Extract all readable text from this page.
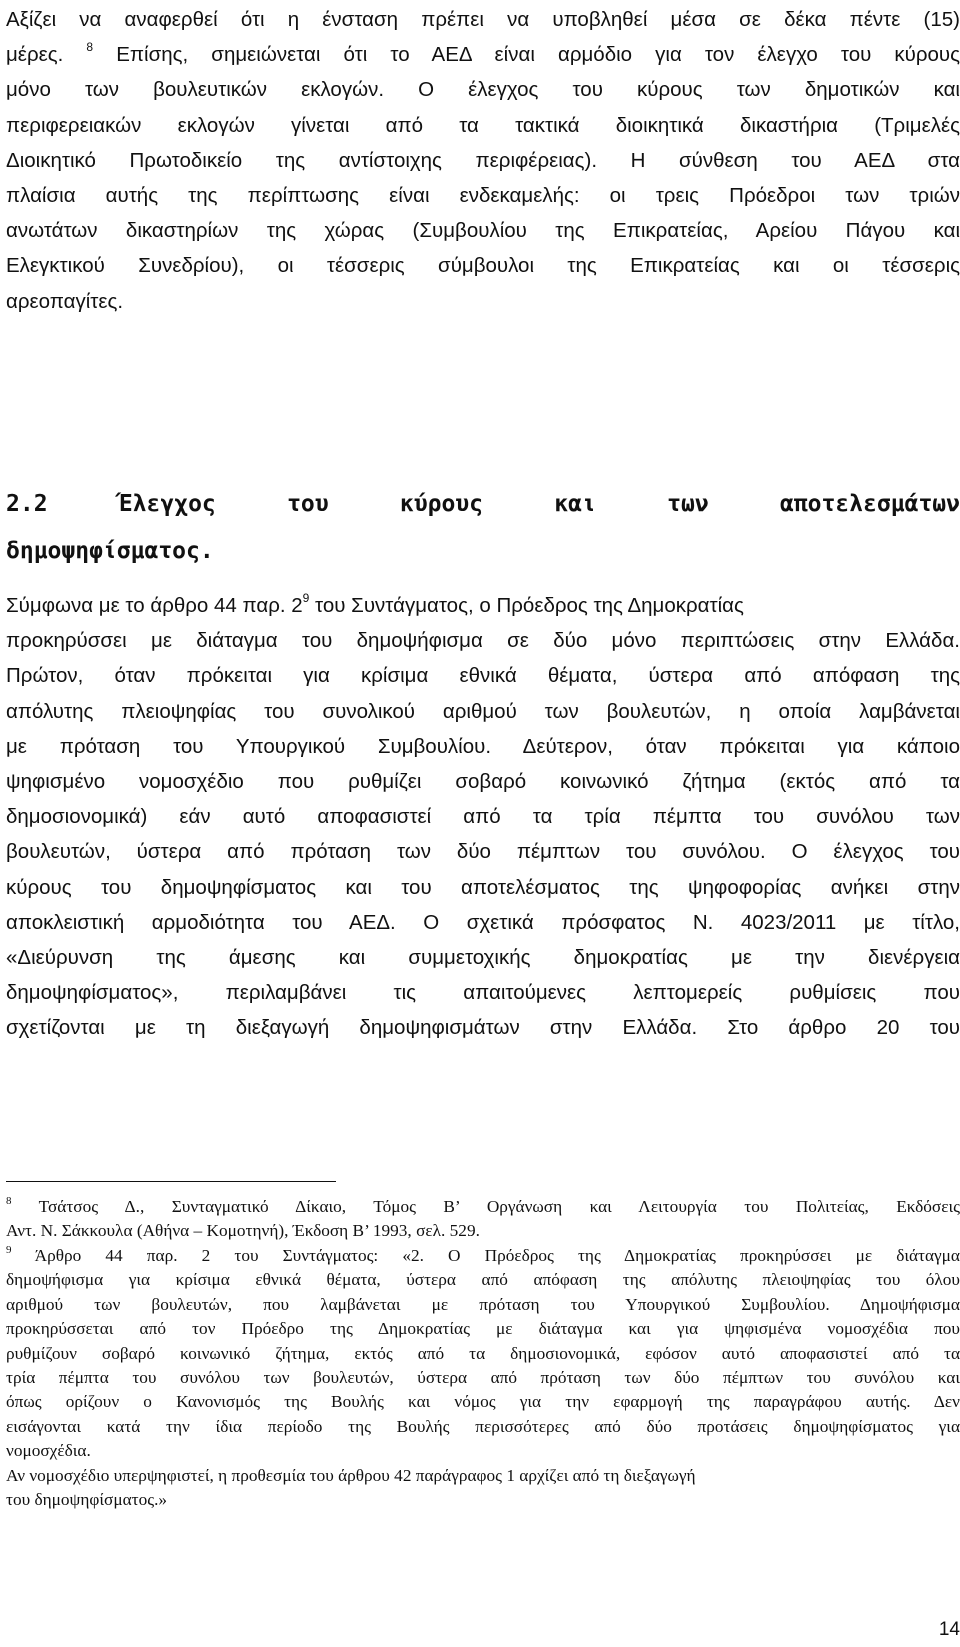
Αξίζει να αναφερθεί ότι η ένσταση πρέπει να υποβληθεί μέσα σε δέκα πέντε (15)
μέρες. $^8$ Επίσης, σημειώνεται ότι το ΑΕΔ είναι αρμόδιο για τον έλεγχο του κύρους
μόνο των βουλευτικών εκλογών. Ο έλεγχος του κύρους των δημοτικών και
περιφερειακών εκλογών γίνεται από τα τακτικά διοικητικά δικαστήρια (Τριμελές
Διοικητικό Πρωτοδικείο της αντίστοιχης περιφέρειας). Η σύνθεση του ΑΕΔ στα
πλαίσια αυτής της περίπτωσης είναι ενδεκαμελής: οι τρεις Πρόεδροι των τριών
ανωτάτων δικαστηρίων της χώρας (Συμβουλίου της Επικρατείας, Αρείου Πάγου και
Ελεγκτικού Συνεδρίου), οι τέσσερις σύμβουλοι της Επικρατείας και οι τέσσερις
αρεοπαγίτες.
2.2 Έλεγχος του κύρους και των αποτελεσμάτων
δημοψηφίσματος.
Σύμφωνα με το άρθρο 44 παρ. $2^9$ του Συντάγματος, ο Πρόεδρος της Δημοκρατίας
προκηρύσσει με διάταγμα του δημοψήφισμα σε δύο μόνο περιπτώσεις στην Ελλάδα.
Πρώτον, όταν πρόκειται για κρίσιμα εθνικά θέματα, ύστερα από απόφαση της
απόλυτης πλειοψηφίας του συνολικού αριθμού των βουλευτών, η οποία λαμβάνεται
με πρόταση του Υπουργικού Συμβουλίου. Δεύτερον, όταν πρόκειται για κάποιο
ψηφισμένο νομοσχέδιο που ρυθμίζει σοβαρό κοινωνικό ζήτημα (εκτός από τα
δημοσιονομικά) εάν αυτό αποφασιστεί από τα τρία πέμπτα του συνόλου των
βουλευτών, ύστερα από πρόταση των δύο πέμπτων του συνόλου. Ο έλεγχος του
κύρους του δημοψηφίσματος και του αποτελέσματος της ψηφοφορίας ανήκει στην
αποκλειστική αρμοδιότητα του ΑΕΔ. Ο σχετικά πρόσφατος Ν. 4023/2011 με τίτλο,
«Διεύρυνση της άμεσης και συμμετοχικής δημοκρατίας με την διενέργεια
δημοψηφίσματος», περιλαμβάνει τις απαιτούμενες λεπτομερείς ρυθμίσεις που
σχετίζονται με τη διεξαγωγή δημοψηφισμάτων στην Ελλάδα. Στο άρθρο 20 του
$^8$ Τσάτσος Δ., Συνταγματικό Δίκαιο, Τόμος Β’ Οργάνωση και Λειτουργία του Πολιτείας, Εκδόσεις
Αντ. Ν. Σάκκουλα (Αθήνα – Κομοτηνή), Έκδοση Β’ 1993, σελ. 529.
$^9$ Άρθρο 44 παρ. 2 του Συντάγματος: «2. Ο Πρόεδρος της Δημοκρατίας προκηρύσσει με διάταγμα
δημοψήφισμα για κρίσιμα εθνικά θέματα, ύστερα από απόφαση της απόλυτης πλειοψηφίας του όλου
αριθμού των βουλευτών, που λαμβάνεται με πρόταση του Υπουργικού Συμβουλίου. Δημοψήφισμα
προκηρύσσεται από τον Πρόεδρο της Δημοκρατίας με διάταγμα και για ψηφισμένα νομοσχέδια που
ρυθμίζουν σοβαρό κοινωνικό ζήτημα, εκτός από τα δημοσιονομικά, εφόσον αυτό αποφασιστεί από τα
τρία πέμπτα του συνόλου των βουλευτών, ύστερα από πρόταση των δύο πέμπτων του συνόλου και
όπως ορίζουν ο Κανονισμός της Βουλής και νόμος για την εφαρμογή της παραγράφου αυτής. Δεν
εισάγονται κατά την ίδια περίοδο της Βουλής περισσότερες από δύο προτάσεις δημοψηφίσματος για
νομοσχέδια.
Αν νομοσχέδιο υπερψηφιστεί, η προθεσμία του άρθρου 42 παράγραφος 1 αρχίζει από τη διεξαγωγή
του δημοψηφίσματος.»
14
